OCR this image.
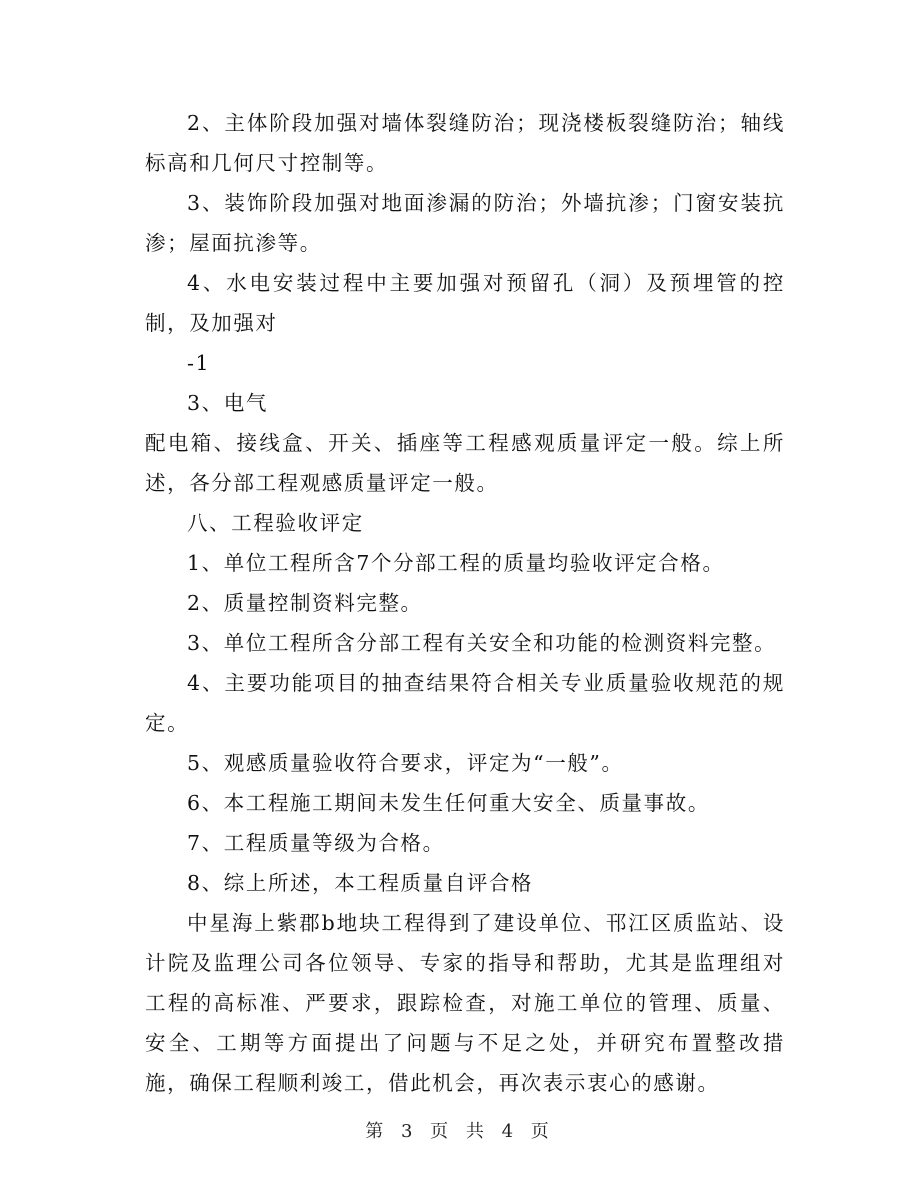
2、主体阶段加强对墙体裂缝防治；现浇楼板裂缝防治；轴线标高和几何尺寸控制等。

3、装饰阶段加强对地面渗漏的防治；外墙抗渗；门窗安装抗渗；屋面抗渗等。

4、水电安装过程中主要加强对预留孔（洞）及预埋管的控制，及加强对

-1

3、电气

配电箱、接线盒、开关、插座等工程感观质量评定一般。综上所述，各分部工程观感质量评定一般。

八、工程验收评定

1、单位工程所含7个分部工程的质量均验收评定合格。

2、质量控制资料完整。

3、单位工程所含分部工程有关安全和功能的检测资料完整。

4、主要功能项目的抽查结果符合相关专业质量验收规范的规定。

5、观感质量验收符合要求，评定为“一般”。

6、本工程施工期间未发生任何重大安全、质量事故。

7、工程质量等级为合格。

8、综上所述，本工程质量自评合格

中星海上紫郡b地块工程得到了建设单位、邗江区质监站、设计院及监理公司各位领导、专家的指导和帮助，尤其是监理组对工程的高标准、严要求，跟踪检查，对施工单位的管理、质量、安全、工期等方面提出了问题与不足之处，并研究布置整改措施，确保工程顺利竣工，借此机会，再次表示衷心的感谢。

第 3 页 共 4 页
